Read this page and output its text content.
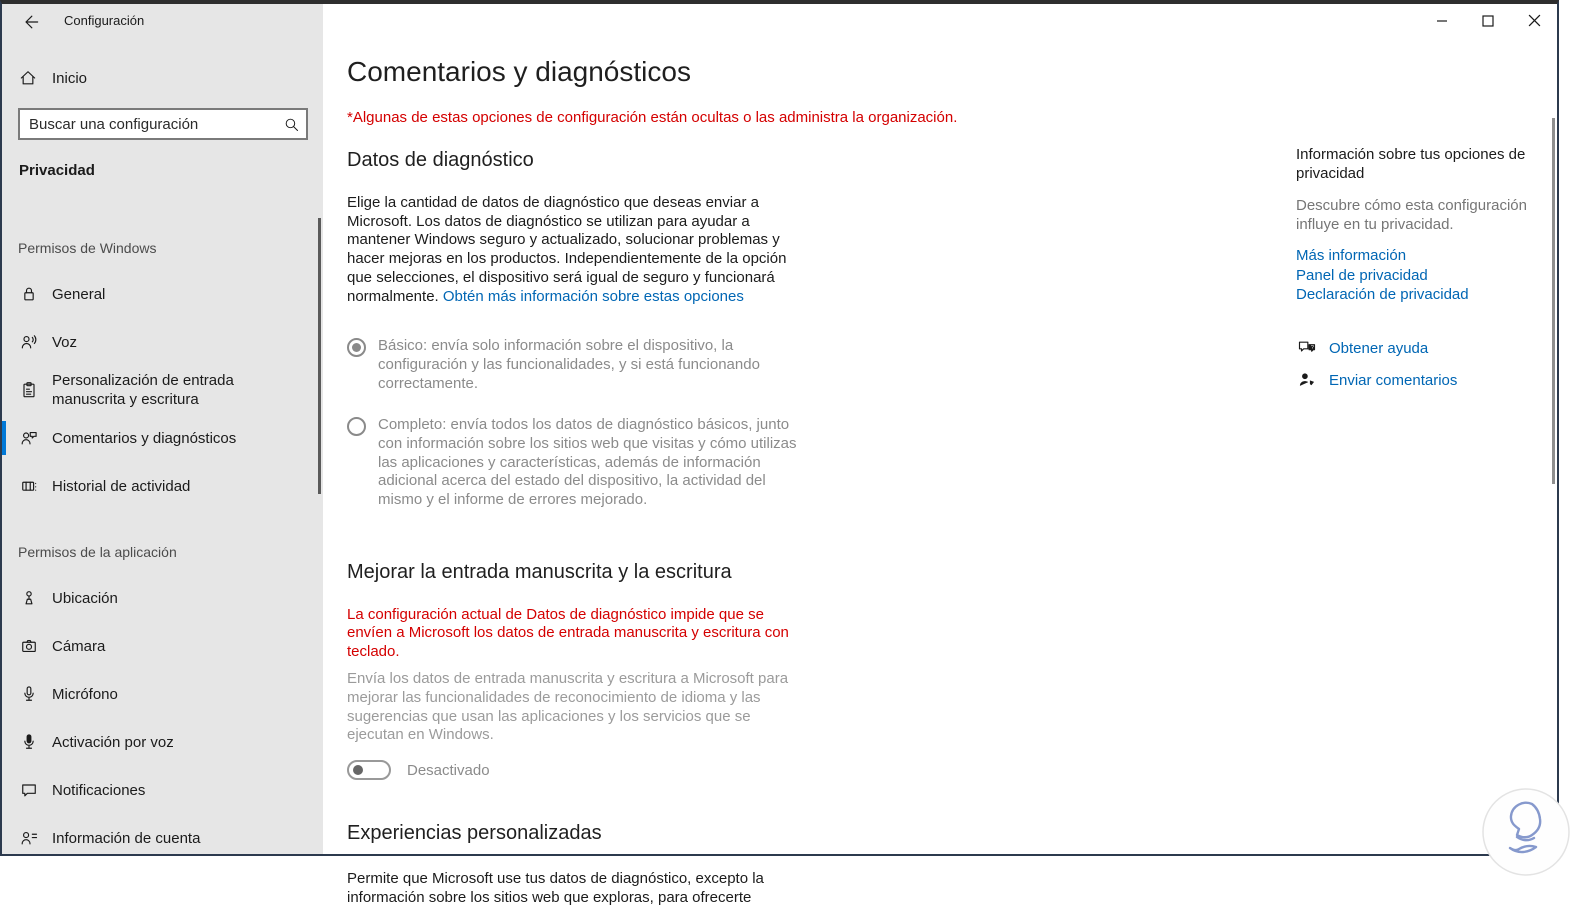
Configuración
Inicio
Buscar una configuración
Privacidad
Permisos de Windows
General
Voz
Personalización de entrada manuscrita y escritura
Comentarios y diagnósticos
Historial de actividad
Permisos de la aplicación
Ubicación
Cámara
Micrófono
Activación por voz
Notificaciones
Información de cuenta
Comentarios y diagnósticos
*Algunas de estas opciones de configuración están ocultas o las administra la organización.
Datos de diagnóstico

Elige la cantidad de datos de diagnóstico que deseas enviar a Microsoft. Los datos de diagnóstico se utilizan para ayudar a mantener Windows seguro y actualizado, solucionar problemas y hacer mejoras en los productos. Independientemente de la opción que selecciones, el dispositivo será igual de seguro y funcionará normalmente. Obtén más información sobre estas opciones

Básico: envía solo información sobre el dispositivo, la configuración y las funcionalidades, y si está funcionando correctamente.
Completo: envía todos los datos de diagnóstico básicos, junto con información sobre los sitios web que visitas y cómo utilizas las aplicaciones y características, además de información adicional acerca del estado del dispositivo, la actividad del mismo y el informe de errores mejorado.
Mejorar la entrada manuscrita y la escritura
La configuración actual de Datos de diagnóstico impide que se envíen a Microsoft los datos de entrada manuscrita y escritura con teclado.

Envía los datos de entrada manuscrita y escritura a Microsoft para mejorar las funcionalidades de reconocimiento de idioma y las sugerencias que usan las aplicaciones y los servicios que se ejecutan en Windows.

Desactivado
Experiencias personalizadas

Permite que Microsoft use tus datos de diagnóstico, excepto la información sobre los sitios web que exploras, para ofrecerte

Información sobre tus opciones de privacidad
Descubre cómo esta configuración influye en tu privacidad.
Más información
Panel de privacidad
Declaración de privacidad
? Obtener ayuda
Enviar comentarios
